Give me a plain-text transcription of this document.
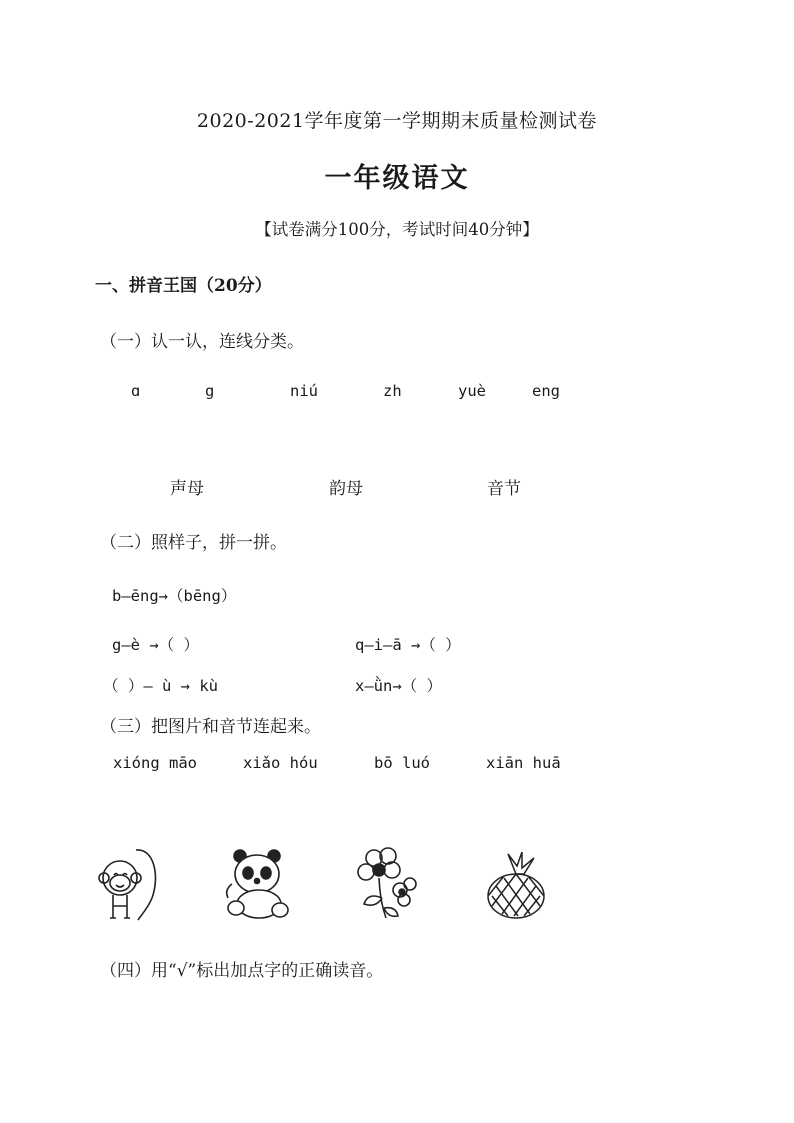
2020-2021学年度第一学期期末质量检测试卷
一年级语文
【试卷满分100分，考试时间40分钟】
一、拼音王国（20分）
（一）认一认，连线分类。
ɑ	g	niú	zh	yuè	eng
声母	韵母	音节
（二）照样子，拼一拼。
b—ēng→（bēng）
g—è →（ ）	q—i—ā →（ ）
（ ）— ù → kù	x—ǜn→（ ）
（三）把图片和音节连起来。
xióng māo	xiǎo hóu	bō luó	xiān huā
（四）用“√”标出加点字的正确读音。
